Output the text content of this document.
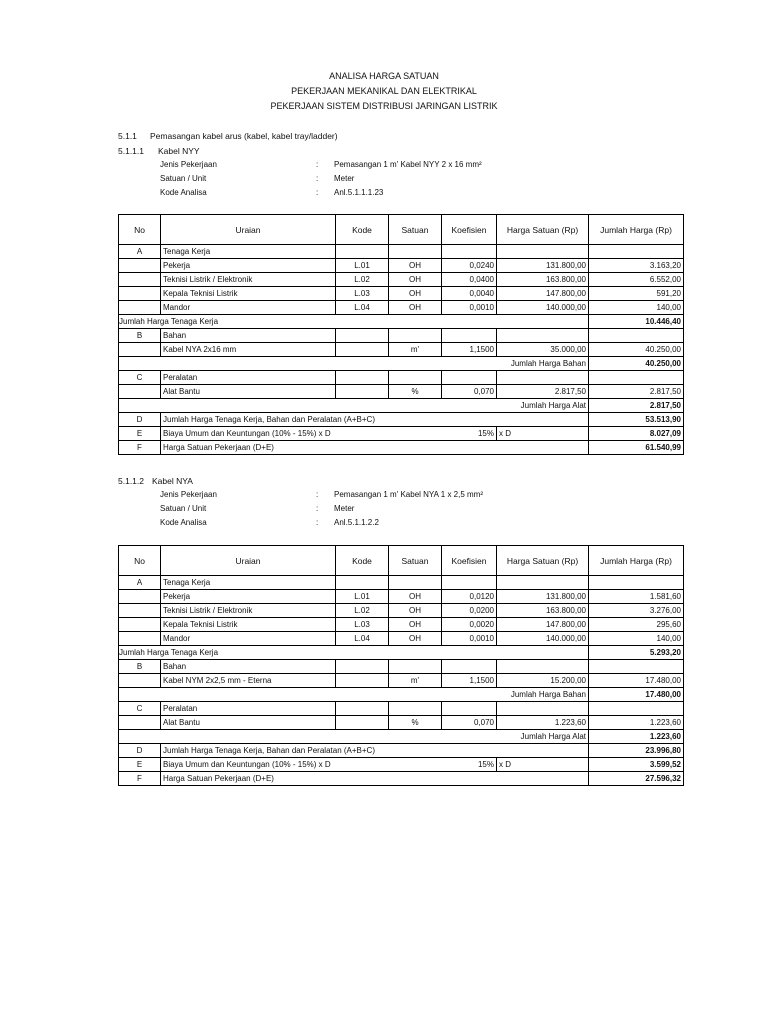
ANALISA HARGA SATUAN
PEKERJAAN MEKANIKAL DAN ELEKTRIKAL
PEKERJAAN SISTEM DISTRIBUSI JARINGAN LISTRIK
5.1.1 Pemasangan kabel arus (kabel, kabel tray/ladder)
5.1.1.1 Kabel NYY
Jenis Pekerjaan	: Pemasangan 1 m' Kabel NYY 2 x 16 mm²
Satuan / Unit	: Meter
Kode Analisa	: Anl.5.1.1.1.23
No	Uraian	Kode	Satuan	Koefisien	Harga Satuan (Rp)	Jumlah Harga (Rp)
A	Tenaga Kerja					
	Pekerja	L.01	OH	0,0240	131.800,00	3.163,20
	Teknisi Listrik / Elektronik	L.02	OH	0,0400	163.800,00	6.552,00
	Kepala Teknisi Listrik	L.03	OH	0,0040	147.800,00	591,20
	Mandor	L.04	OH	0,0010	140.000,00	140,00
Jumlah Harga Tenaga Kerja						10.446,40
B	Bahan					
	Kabel NYA 2x16 mm		m'	1,1500	35.000,00	40.250,00
Jumlah Harga Bahan						40.250,00
C	Peralatan					
	Alat Bantu		%	0,070	2.817,50	2.817,50
Jumlah Harga Alat						2.817,50
D	Jumlah Harga Tenaga Kerja, Bahan dan Peralatan (A+B+C)					53.513,90
E	Biaya Umum dan Keuntungan (10% - 15%) x D			15%	x D	8.027,09
F	Harga Satuan Pekerjaan (D+E)					61.540,99
5.1.1.2 Kabel NYA
Jenis Pekerjaan	: Pemasangan 1 m' Kabel NYA 1 x 2,5 mm²
Satuan / Unit	: Meter
Kode Analisa	: Anl.5.1.1.2.2
No	Uraian	Kode	Satuan	Koefisien	Harga Satuan (Rp)	Jumlah Harga (Rp)
A	Tenaga Kerja					
	Pekerja	L.01	OH	0,0120	131.800,00	1.581,60
	Teknisi Listrik / Elektronik	L.02	OH	0,0200	163.800,00	3.276,00
	Kepala Teknisi Listrik	L.03	OH	0,0020	147.800,00	295,60
	Mandor	L.04	OH	0,0010	140.000,00	140,00
Jumlah Harga Tenaga Kerja						5.293,20
B	Bahan					
	Kabel NYM 2x2,5 mm - Eterna		m'	1,1500	15.200,00	17.480,00
Jumlah Harga Bahan						17.480,00
C	Peralatan					
	Alat Bantu		%	0,070	1.223,60	1.223,60
Jumlah Harga Alat						1.223,60
D	Jumlah Harga Tenaga Kerja, Bahan dan Peralatan (A+B+C)					23.996,80
E	Biaya Umum dan Keuntungan (10% - 15%) x D			15%	x D	3.599,52
F	Harga Satuan Pekerjaan (D+E)					27.596,32
